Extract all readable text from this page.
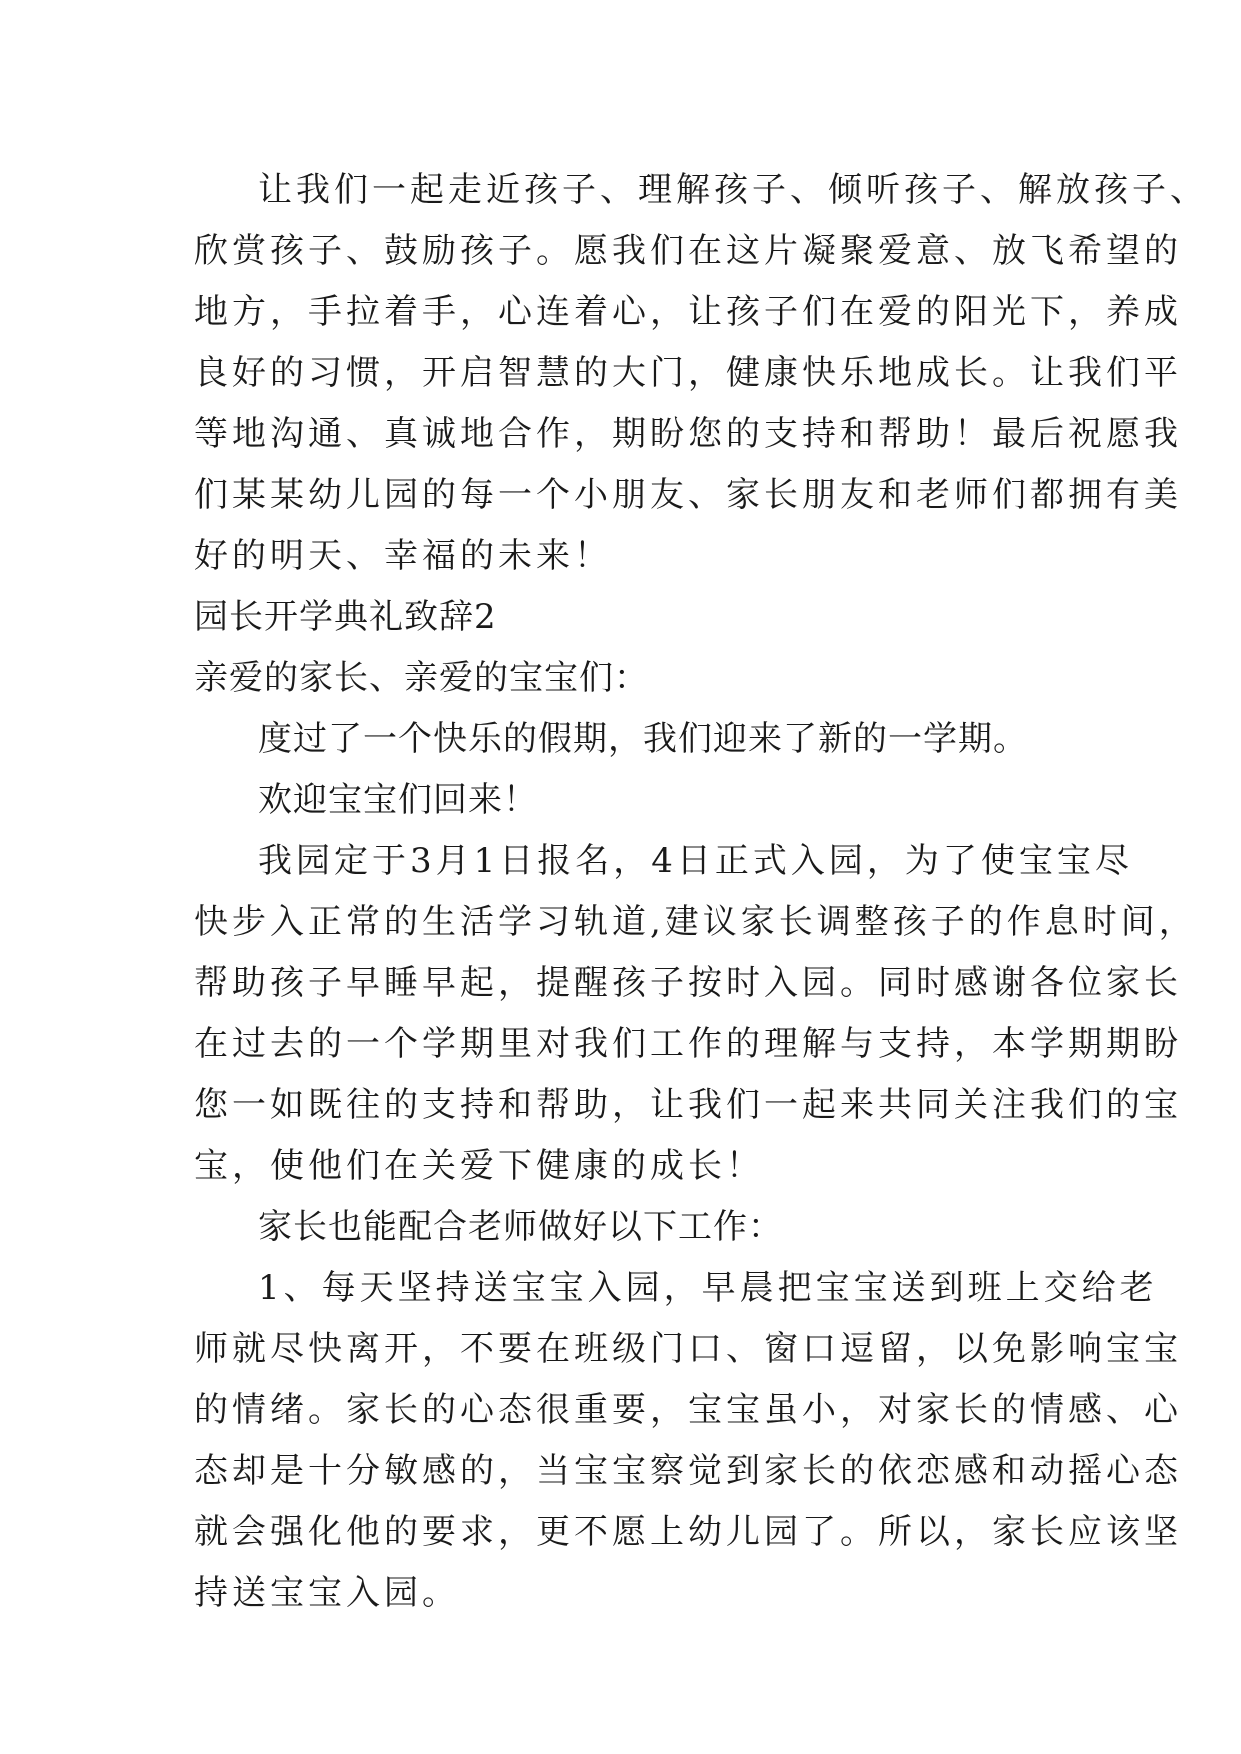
让我们一起走近孩子、理解孩子、倾听孩子、解放孩子、
欣赏孩子、鼓励孩子。愿我们在这片凝聚爱意、放飞希望的
地方，手拉着手，心连着心，让孩子们在爱的阳光下，养成
良好的习惯，开启智慧的大门，健康快乐地成长。让我们平
等地沟通、真诚地合作，期盼您的支持和帮助！最后祝愿我
们某某幼儿园的每一个小朋友、家长朋友和老师们都拥有美
好的明天、幸福的未来！
园长开学典礼致辞2
亲爱的家长、亲爱的宝宝们：
度过了一个快乐的假期，我们迎来了新的一学期。
欢迎宝宝们回来！
我园定于3月1日报名，4日正式入园，为了使宝宝尽
快步入正常的生活学习轨道,建议家长调整孩子的作息时间，
帮助孩子早睡早起，提醒孩子按时入园。同时感谢各位家长
在过去的一个学期里对我们工作的理解与支持，本学期期盼
您一如既往的支持和帮助，让我们一起来共同关注我们的宝
宝，使他们在关爱下健康的成长！
家长也能配合老师做好以下工作：
1、每天坚持送宝宝入园，早晨把宝宝送到班上交给老
师就尽快离开，不要在班级门口、窗口逗留，以免影响宝宝
的情绪。家长的心态很重要，宝宝虽小，对家长的情感、心
态却是十分敏感的，当宝宝察觉到家长的依恋感和动摇心态
就会强化他的要求，更不愿上幼儿园了。所以，家长应该坚
持送宝宝入园。
